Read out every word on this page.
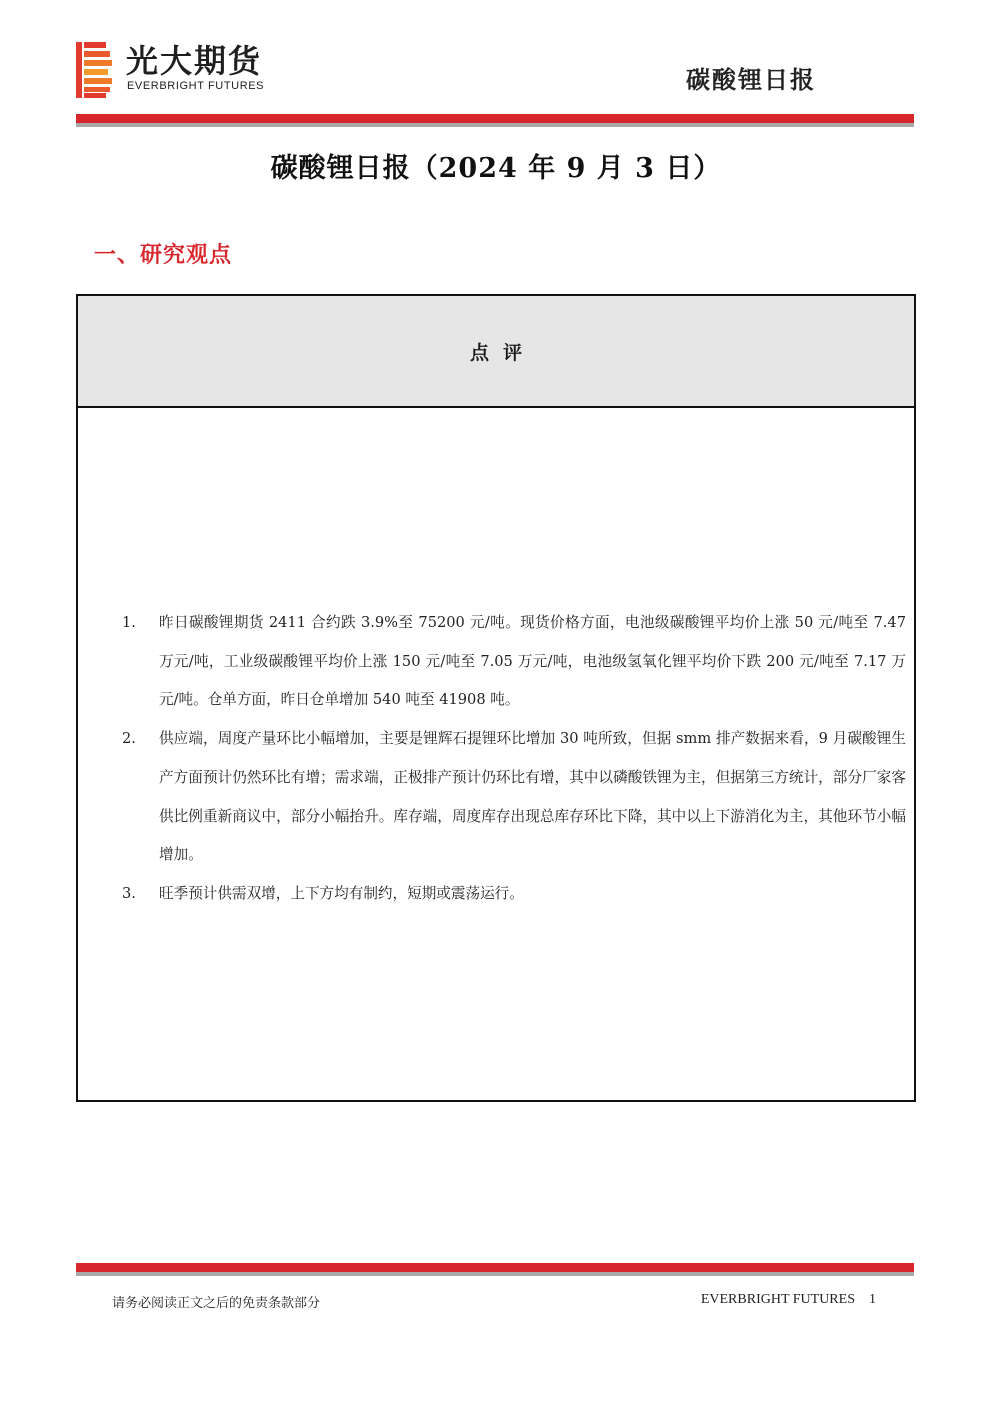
光大期货
EVERBRIGHT FUTURES	碳酸锂日报
碳酸锂日报（2024 年 9 月 3 日）
一、研究观点
点评
1. 昨日碳酸锂期货 2411 合约跌 3.9%至 75200 元/吨。现货价格方面，电池级碳酸锂平均价上涨 50 元/吨至 7.47 万元/吨，工业级碳酸锂平均价上涨 150 元/吨至 7.05 万元/吨，电池级氢氧化锂平均价下跌 200 元/吨至 7.17 万元/吨。仓单方面，昨日仓单增加 540 吨至 41908 吨。
2. 供应端，周度产量环比小幅增加，主要是锂辉石提锂环比增加 30 吨所致，但据 smm 排产数据来看，9 月碳酸锂生产方面预计仍然环比有增；需求端，正极排产预计仍环比有增，其中以磷酸铁锂为主，但据第三方统计，部分厂家客供比例重新商议中，部分小幅抬升。库存端，周度库存出现总库存环比下降，其中以上下游消化为主，其他环节小幅增加。
3. 旺季预计供需双增，上下方均有制约，短期或震荡运行。
请务必阅读正文之后的免责条款部分	EVERBRIGHT FUTURES 1
